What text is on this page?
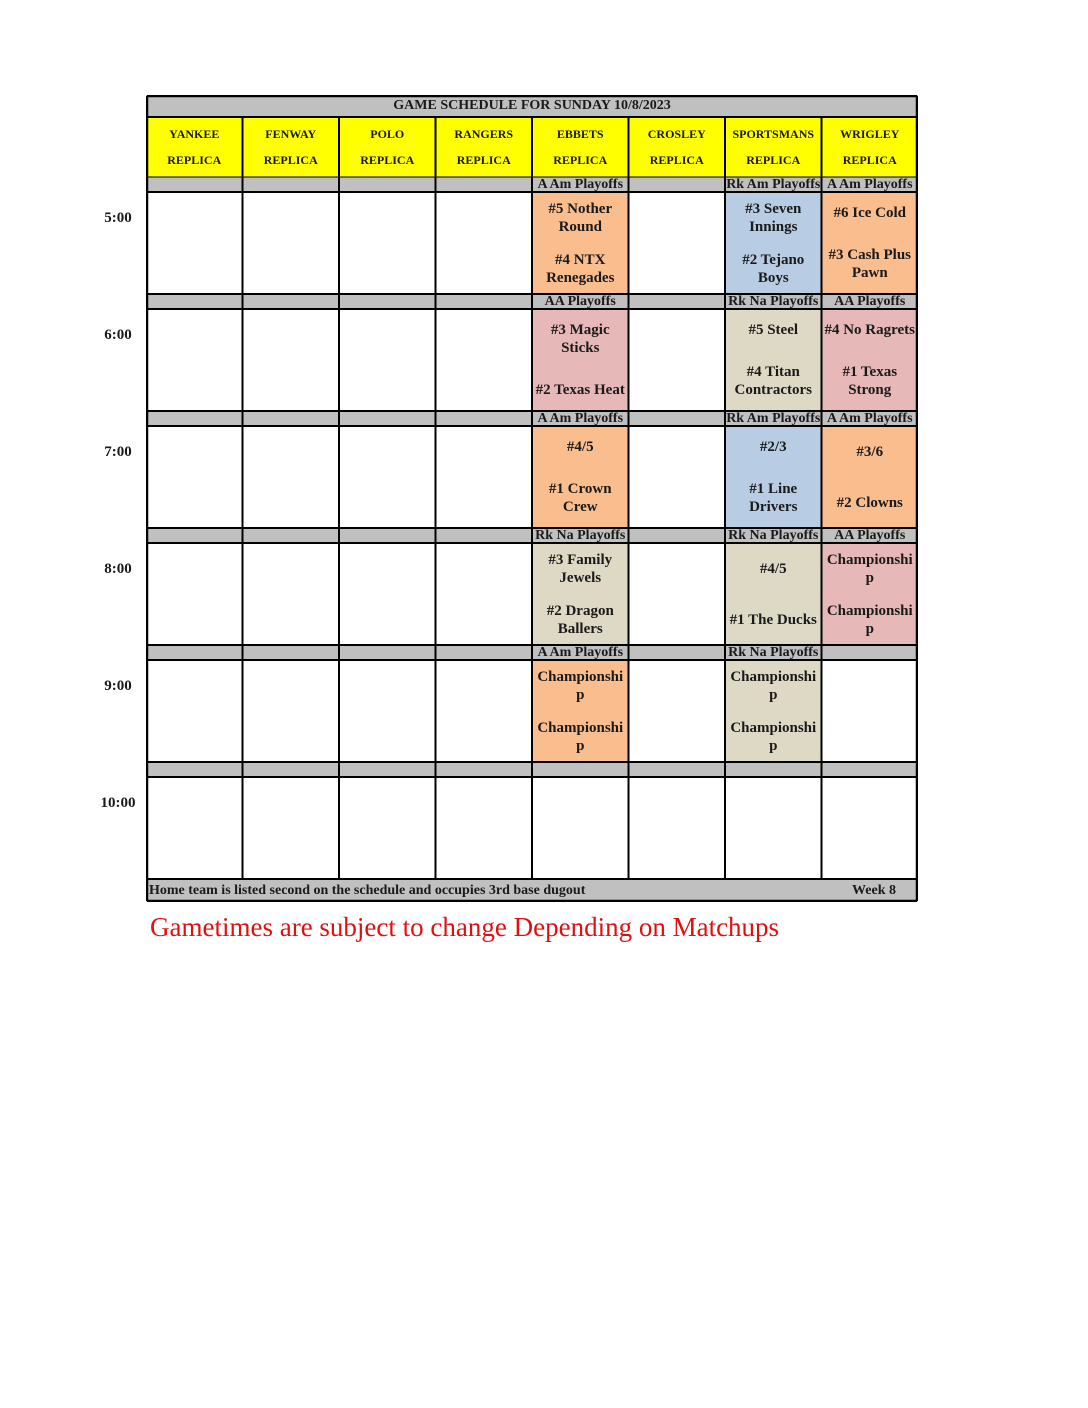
GAME SCHEDULE FOR SUNDAY 10/8/2023
YANKEE
REPLICA
FENWAY
REPLICA
POLO
REPLICA
RANGERS
REPLICA
EBBETS
REPLICA
CROSLEY
REPLICA
SPORTSMANS
REPLICA
WRIGLEY
REPLICA
A Am Playoffs
#5 Nother Round
#4 NTX Renegades
Rk Am Playoffs
#3 Seven Innings
#2 Tejano Boys
A Am Playoffs
#6 Ice Cold
#3 Cash Plus Pawn
AA Playoffs
#3 Magic Sticks
#2 Texas Heat
Rk Na Playoffs
#5 Steel
#4 Titan Contractors
AA Playoffs
#4 No Ragrets
#1 Texas Strong
A Am Playoffs
#4/5
#1 Crown Crew
Rk Am Playoffs
#2/3
#1 Line Drivers
A Am Playoffs
#3/6
#2 Clowns
Rk Na Playoffs
#3 Family Jewels
#2 Dragon Ballers
Rk Na Playoffs
#4/5
#1 The Ducks
AA Playoffs
Championshi p
Championshi p
A Am Playoffs
Championshi p
Championshi p
Rk Na Playoffs
Championshi p
Championshi p
Home team is listed second on the schedule and occupies 3rd base dugout	Week 8
5:00
6:00
7:00
8:00
9:00
10:00
Gametimes are subject to change Depending on Matchups
